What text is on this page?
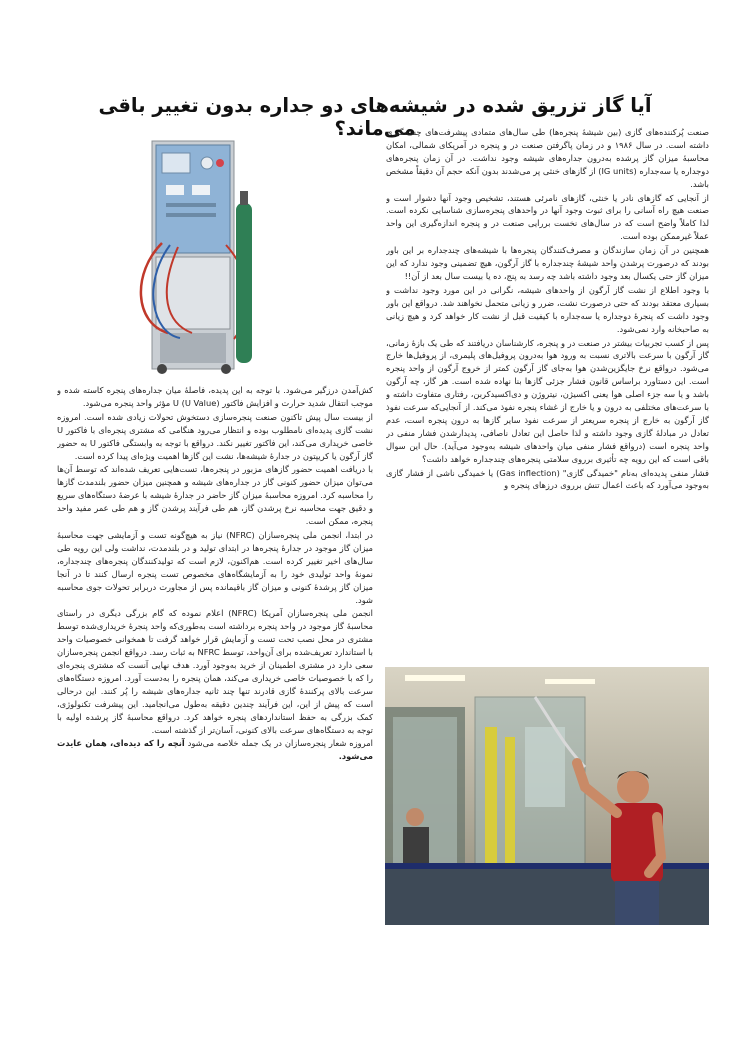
آیا گاز تزریق شده در شیشه‌های دو جداره بدون تغییر باقی می‌ماند؟

صنعت پُرکننده‌های گازی (بین شیشهٔ پنجره‌ها) طی سال‌های متمادی پیشرفت‌های چشمگیری داشته است. در سال ۱۹۸۶ و در زمان پاگرفتن صنعت در و پنجره در آمریکای شمالی، امکان محاسبهٔ میزان گاز پرشده به‌درون جداره‌های شیشه وجود نداشت. در آن زمان پنجره‌های دوجداره یا سه‌جداره (IG units) از گازهای خنثی پر می‌شدند بدون آنکه حجم آن دقیقاً مشخص باشد.

از آنجایی که گازهای نادر یا خنثی، گازهای نامرئی هستند، تشخیص وجود آنها دشوار است و صنعت هیچ راه آسانی را برای ثبوت وجود آنها در واحدهای پنجره‌سازی شناسایی نکرده است. لذا کاملاً واضح است که در سال‌های نخست بررایی صنعت در و پنجره اندازه‌گیری این واحد عملاً غیرممکن بوده است.

همچنین در آن زمان سازندگان و مصرف‌کنندگان پنجره‌ها با شیشه‌های چندجداره بر این باور بودند که درصورت پرشدن واحد شیشهٔ چندجداره با گاز آرگون، هیچ تضمینی وجود ندارد که این میزان گاز حتی یکسال بعد وجود داشته باشد چه رسد به پنج، ده یا بیست سال بعد از آن!!

با وجود اطلاع از نشت گاز آرگون از واحدهای شیشه، نگرانی در این مورد وجود نداشت و بسیاری معتقد بودند که حتی درصورت نشت، ضرر و زیانی متحمل نخواهند شد. درواقع این باور وجود داشت که پنجرهٔ دوجداره یا سه‌جداره با کیفیت قبل از نشت کار خواهد کرد و هیچ زیانی به صاحبخانه وارد نمی‌شود.

پس از کسب تجربیات بیشتر در صنعت در و پنجره، کارشناسان دریافتند که طی یک بازهٔ زمانی، گاز آرگون با سرعت بالاتری نسبت به ورود هوا به‌درون پروفیل‌های پلیمری، از پروفیل‌ها خارج می‌شود. درواقع نرخ جایگزین‌شدن هوا به‌جای گاز آرگون کمتر از خروج آرگون از واحد پنجره است. این دستاورد براساس قانون فشار جزئی گازها بنا نهاده شده است. هر گاز، چه آرگون باشد و یا سه جزء اصلی هوا یعنی اکسیژن، نیتروژن و دی‌اکسیدکربن، رفتاری متفاوت داشته و با سرعت‌های مختلفی به درون و یا خارج از غشاء پنجره نفوذ می‌کند. از آنجایی‌که سرعت نفوذ گاز آرگون به خارج از پنجره سریعتر از سرعت نفوذ سایر گازها به درون پنجره است، عدم تعادل در مبادلهٔ گازی وجود داشته و لذا حاصل این تعادل ناصافی، پدیدارشدن فشار منفی در واحد پنجره است (درواقع فشار منفی میان واحدهای شیشه به‌وجود می‌آید). حال این سوال باقی است که این رویه چه تأثیری برروی سلامتی پنجره‌های چندجداره خواهد داشت؟

فشار منفی پدیده‌ای به‌نام "خمیدگی گازی" (Gas inflection) یا خمیدگی ناشی از فشار گازی به‌وجود می‌آورد که باعث اعمال تنش برروی درزهای پنجره و

کش‌آمدن درزگیر می‌شود. با توجه به این پدیده، فاصلهٔ میان جداره‌های پنجره کاسته شده و موجب انتقال شدید حرارت و افزایش فاکتور U (U Value) مؤثر واحد پنجره می‌شود.

از بیست سال پیش تاکنون صنعت پنجره‌سازی دستخوش تحولات زیادی شده است. امروزه نشت گازی پدیده‌ای نامطلوب بوده و انتظار می‌رود هنگامی که مشتری پنجره‌ای با فاکتور U خاصی خریداری می‌کند، این فاکتور تغییر نکند. درواقع با توجه به وابستگی فاکتور U به حضور گاز آرگون یا کریپتون در جدارهٔ شیشه‌ها، نشت این گازها اهمیت ویژه‌ای پیدا کرده است.

با دریافت اهمیت حضور گازهای مزبور در پنجره‌ها، تست‌هایی تعریف شده‌اند که توسط آن‌ها می‌توان میزان حضور کنونی گاز در جداره‌های شیشه و همچنین میزان حضور بلندمدت گازها را محاسبه کرد. امروزه محاسبهٔ میزان گاز حاضر در جدارهٔ شیشه با عرضهٔ دستگاه‌های سریع و دقیق جهت محاسبه نرخ پرشدن گاز، هم طی فرآیند پرشدن گاز و هم طی عمر مفید واحد پنجره، ممکن است.

در ابتدا، انجمن ملی پنجره‌سازان (NFRC) نیاز به هیچ‌گونه تست و آزمایشی جهت محاسبهٔ میزان گاز موجود در جدارهٔ پنجره‌ها در ابتدای تولید و در بلندمدت، نداشت ولی این رویه طی سال‌های اخیر تغییر کرده است. هم‌اکنون، لازم است که تولیدکنندگان پنجره‌های چندجداره، نمونهٔ واحد تولیدی خود را به آزمایشگاه‌های مخصوص تست پنجره ارسال کنند تا در آنجا میزان گاز پرشدهٔ کنونی و میزان گاز باقیمانده پس از مجاورت دربرابر تحولات جوی محاسبه شود.

انجمن ملی پنجره‌سازان آمریکا (NFRC) اعلام نموده که گام بزرگی دیگری در راستای محاسبهٔ گاز موجود در واحد پنجره برداشته است به‌طوری‌که واحد پنجرهٔ خریداری‌شده توسط مشتری در محل نصب تحت تست و آزمایش قرار خواهد گرفت تا همخوانی خصوصیات واحد با استاندارد تعریف‌شده برای آن‌واحد، توسط NFRC به ثبات رسد. درواقع انجمن پنجره‌سازان سعی دارد در مشتری اطمینان از خرید به‌وجود آورد. هدف نهایی آنست که مشتری پنجره‌ای را که با خصوصیات خاصی خریداری می‌کند، همان پنجره را به‌دست آورد. امروزه دستگاه‌های سرعت بالای پرکنندهٔ گازی قادرند تنها چند ثانیه جداره‌های شیشه را پُر کنند. این درحالی است که پیش از این، این فرآیند چندین دقیقه به‌طول می‌انجامید. این پیشرفت تکنولوژی، کمک بزرگی به حفظ استانداردهای پنجره خواهد کرد. درواقع محاسبهٔ گاز پرشده اولیه با توجه به دستگاه‌های سرعت بالای کنونی، آسان‌تر از گذشته است.

امروزه شعار پنجره‌سازان در یک جمله خلاصه می‌شود آنچه را که دیده‌ای، همان عایدت می‌شود.
